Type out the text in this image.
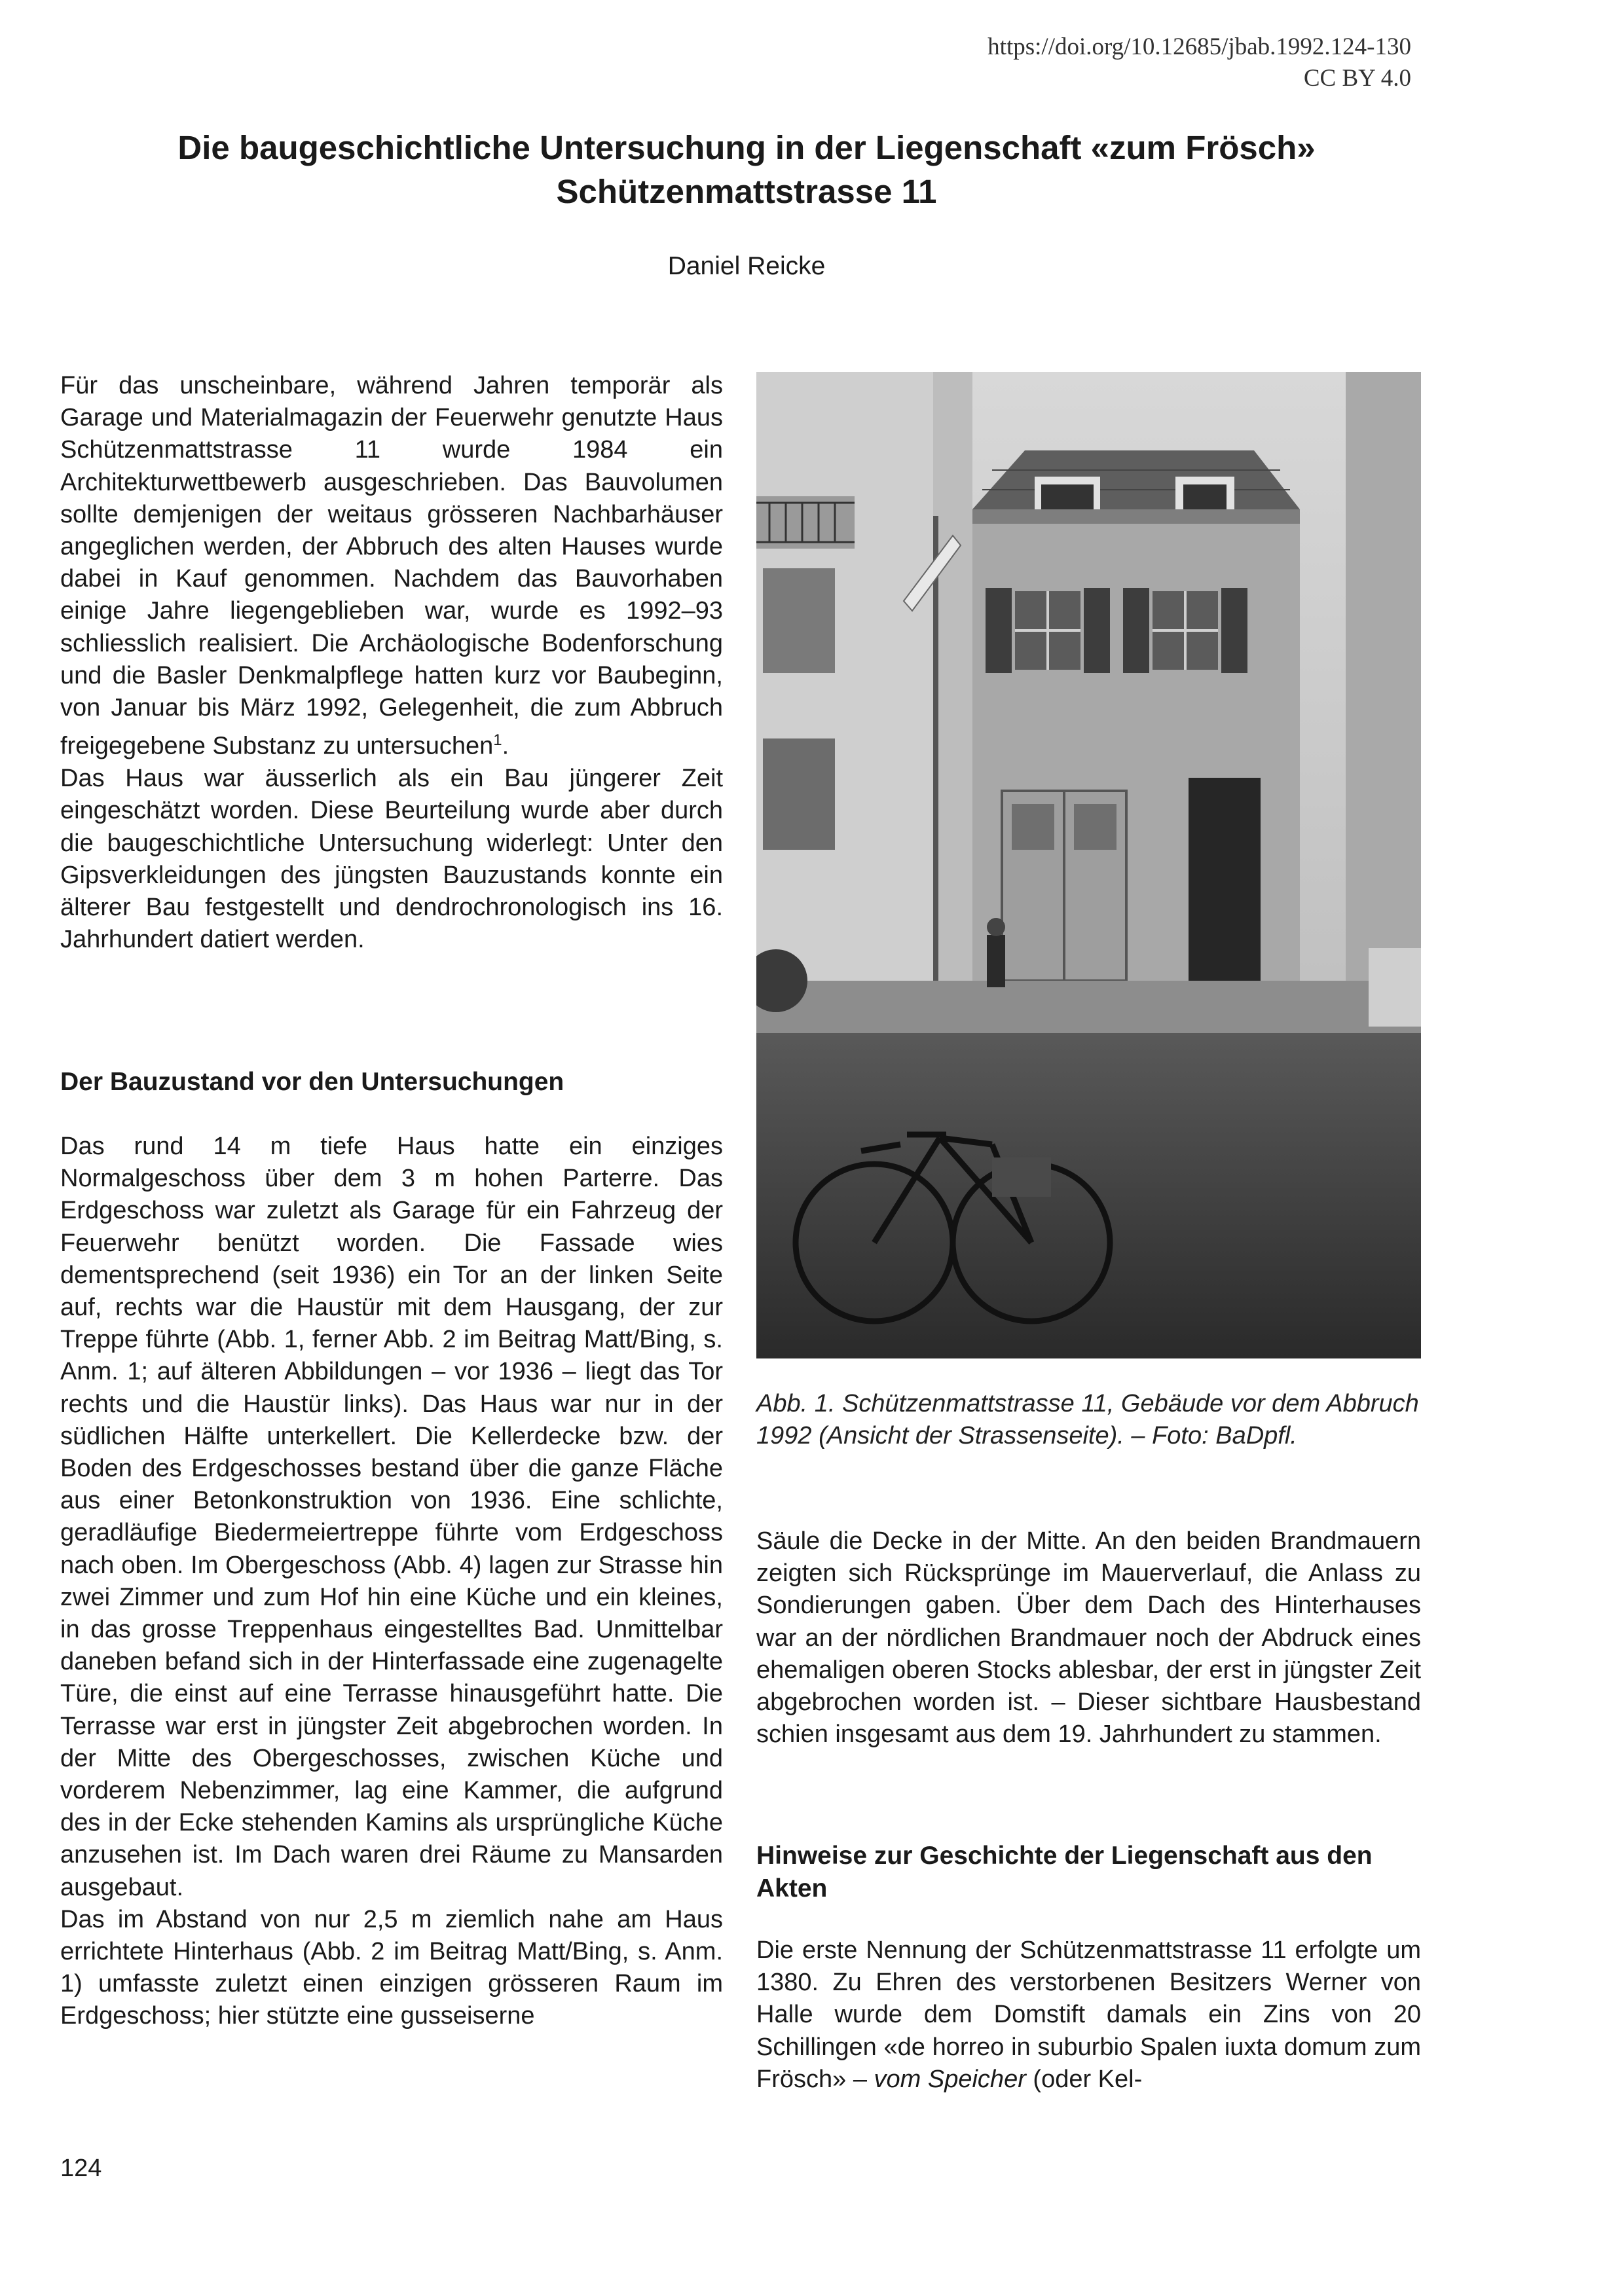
https://doi.org/10.12685/jbab.1992.124-130
CC BY 4.0
Die baugeschichtliche Untersuchung in der Liegenschaft «zum Frösch»
Schützenmattstrasse 11
Daniel Reicke

Für das unscheinbare, während Jahren temporär als Garage und Materialmagazin der Feuerwehr genutzte Haus Schützenmattstrasse 11 wurde 1984 ein Architekturwettbewerb ausgeschrieben. Das Bauvolumen sollte demjenigen der weitaus grösseren Nachbarhäuser angeglichen werden, der Abbruch des alten Hauses wurde dabei in Kauf genommen. Nachdem das Bauvorhaben einige Jahre liegengeblieben war, wurde es 1992–93 schliesslich realisiert. Die Archäologische Bodenforschung und die Basler Denkmalpflege hatten kurz vor Baubeginn, von Januar bis März 1992, Gelegenheit, die zum Abbruch freigegebene Substanz zu untersuchen$^1$.

Das Haus war äusserlich als ein Bau jüngerer Zeit eingeschätzt worden. Diese Beurteilung wurde aber durch die baugeschichtliche Untersuchung widerlegt: Unter den Gipsverkleidungen des jüngsten Bauzustands konnte ein älterer Bau festgestellt und dendrochronologisch ins 16. Jahrhundert datiert werden.

Der Bauzustand vor den Untersuchungen

Das rund 14 m tiefe Haus hatte ein einziges Normalgeschoss über dem 3 m hohen Parterre. Das Erdgeschoss war zuletzt als Garage für ein Fahrzeug der Feuerwehr benützt worden. Die Fassade wies dementsprechend (seit 1936) ein Tor an der linken Seite auf, rechts war die Haustür mit dem Hausgang, der zur Treppe führte (Abb. 1, ferner Abb. 2 im Beitrag Matt/Bing, s. Anm. 1; auf älteren Abbildungen – vor 1936 – liegt das Tor rechts und die Haustür links). Das Haus war nur in der südlichen Hälfte unterkellert. Die Kellerdecke bzw. der Boden des Erdgeschosses bestand über die ganze Fläche aus einer Betonkonstruktion von 1936. Eine schlichte, geradläufige Biedermeiertreppe führte vom Erdgeschoss nach oben. Im Obergeschoss (Abb. 4) lagen zur Strasse hin zwei Zimmer und zum Hof hin eine Küche und ein kleines, in das grosse Treppenhaus eingestelltes Bad. Unmittelbar daneben befand sich in der Hinterfassade eine zugenagelte Türe, die einst auf eine Terrasse hinausgeführt hatte. Die Terrasse war erst in jüngster Zeit abgebrochen worden. In der Mitte des Obergeschosses, zwischen Küche und vorderem Nebenzimmer, lag eine Kammer, die aufgrund des in der Ecke stehenden Kamins als ursprüngliche Küche anzusehen ist. Im Dach waren drei Räume zu Mansarden ausgebaut.

Das im Abstand von nur 2,5 m ziemlich nahe am Haus errichtete Hinterhaus (Abb. 2 im Beitrag Matt/Bing, s. Anm. 1) umfasste zuletzt einen einzigen grösseren Raum im Erdgeschoss; hier stützte eine gusseiserne

Abb. 1. Schützenmattstrasse 11, Gebäude vor dem Abbruch 1992 (Ansicht der Strassenseite). – Foto: BaDpfl.

Säule die Decke in der Mitte. An den beiden Brandmauern zeigten sich Rücksprünge im Mauerverlauf, die Anlass zu Sondierungen gaben. Über dem Dach des Hinterhauses war an der nördlichen Brandmauer noch der Abdruck eines ehemaligen oberen Stocks ablesbar, der erst in jüngster Zeit abgebrochen worden ist. – Dieser sichtbare Hausbestand schien insgesamt aus dem 19. Jahrhundert zu stammen.

Hinweise zur Geschichte der Liegenschaft aus den Akten

Die erste Nennung der Schützenmattstrasse 11 erfolgte um 1380. Zu Ehren des verstorbenen Besitzers Werner von Halle wurde dem Domstift damals ein Zins von 20 Schillingen «de horreo in suburbio Spalen iuxta domum zum Frösch» – vom Speicher (oder Kel-

124
